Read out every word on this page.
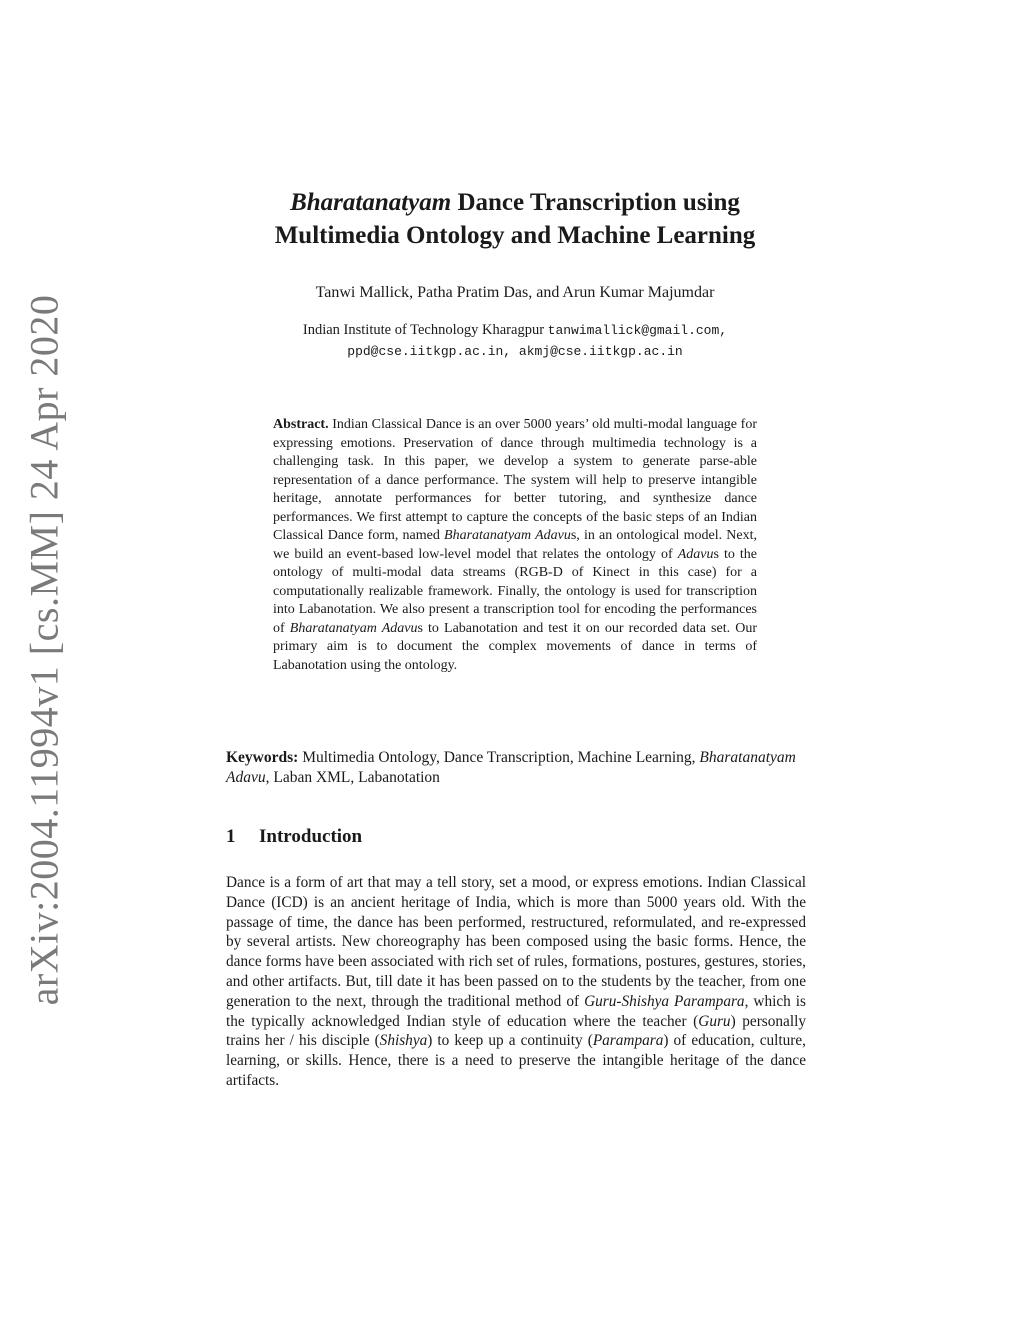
arXiv:2004.11994v1 [cs.MM] 24 Apr 2020
Bharatanatyam Dance Transcription using
Multimedia Ontology and Machine Learning
Tanwi Mallick, Patha Pratim Das, and Arun Kumar Majumdar
Indian Institute of Technology Kharagpur tanwimallick@gmail.com,
ppd@cse.iitkgp.ac.in, akmj@cse.iitkgp.ac.in
Abstract. Indian Classical Dance is an over 5000 years’ old multi-modal language for expressing emotions. Preservation of dance through multimedia technology is a challenging task. In this paper, we develop a system to generate parse-able representation of a dance performance. The system will help to preserve intangible heritage, annotate performances for better tutoring, and synthesize dance performances. We first attempt to capture the concepts of the basic steps of an Indian Classical Dance form, named Bharatanatyam Adavus, in an ontological model. Next, we build an event-based low-level model that relates the ontology of Adavus to the ontology of multi-modal data streams (RGB-D of Kinect in this case) for a computationally realizable framework. Finally, the ontology is used for transcription into Labanotation. We also present a transcription tool for encoding the performances of Bharatanatyam Adavus to Labanotation and test it on our recorded data set. Our primary aim is to document the complex movements of dance in terms of Labanotation using the ontology.
Keywords: Multimedia Ontology, Dance Transcription, Machine Learning, Bharatanatyam Adavu, Laban XML, Labanotation
1 Introduction
Dance is a form of art that may a tell story, set a mood, or express emotions. Indian Classical Dance (ICD) is an ancient heritage of India, which is more than 5000 years old. With the passage of time, the dance has been performed, restructured, reformulated, and re-expressed by several artists. New choreography has been composed using the basic forms. Hence, the dance forms have been associated with rich set of rules, formations, postures, gestures, stories, and other artifacts. But, till date it has been passed on to the students by the teacher, from one generation to the next, through the traditional method of Guru-Shishya Parampara, which is the typically acknowledged Indian style of education where the teacher (Guru) personally trains her / his disciple (Shishya) to keep up a continuity (Parampara) of education, culture, learning, or skills. Hence, there is a need to preserve the intangible heritage of the dance artifacts.
